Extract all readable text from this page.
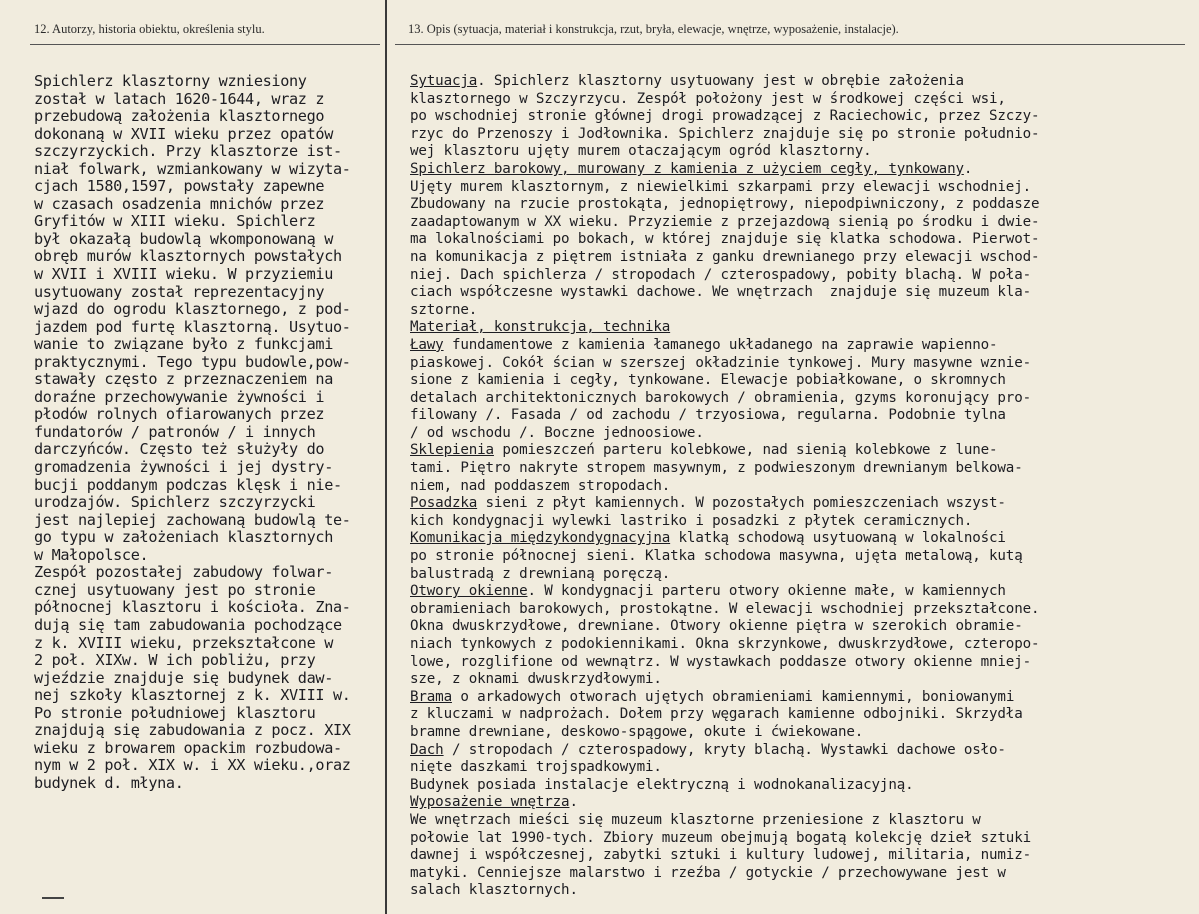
12. Autorzy, historia obiektu, określenia stylu.	13. Opis (sytuacja, materiał i konstrukcja, rzut, bryła, elewacje, wnętrze, wyposażenie, instalacje).
Spichlerz klasztorny wzniesiony
został w latach 1620-1644, wraz z
przebudową założenia klasztornego
dokonaną w XVII wieku przez opatów
szczyrzyckich. Przy klasztorze ist-
niał folwark, wzmiankowany w wizyta-
cjach 1580,1597, powstały zapewne
w czasach osadzenia mnichów przez
Gryfitów w XIII wieku. Spichlerz
był okazałą budowlą wkomponowaną w
obręb murów klasztornych powstałych
w XVII i XVIII wieku. W przyziemiu
usytuowany został reprezentacyjny
wjazd do ogrodu klasztornego, z pod-
jazdem pod furtę klasztorną. Usytuo-
wanie to związane było z funkcjami
praktycznymi. Tego typu budowle,pow-
stawały często z przeznaczeniem na
doraźne przechowywanie żywności i
płodów rolnych ofiarowanych przez
fundatorów / patronów / i innych
darczyńców. Często też służyły do
gromadzenia żywności i jej dystry-
bucji poddanym podczas klęsk i nie-
urodzajów. Spichlerz szczyrzycki
jest najlepiej zachowaną budowlą te-
go typu w założeniach klasztornych
w Małopolsce.
Zespół pozostałej zabudowy folwar-
cznej usytuowany jest po stronie
północnej klasztoru i kościoła. Zna-
dują się tam zabudowania pochodzące
z k. XVIII wieku, przekształcone w
2 poł. XIXw. W ich pobliżu, przy
wjeździe znajduje się budynek daw-
nej szkoły klasztornej z k. XVIII w.
Po stronie południowej klasztoru
znajdują się zabudowania z pocz. XIX
wieku z browarem opackim rozbudowa-
nym w 2 poł. XIX w. i XX wieku.,oraz
budynek d. młyna.
Sytuacja. Spichlerz klasztorny usytuowany jest w obrębie założenia
klasztornego w Szczyrzycu. Zespół położony jest w środkowej części wsi,
po wschodniej stronie głównej drogi prowadzącej z Raciechowic, przez Szczy-
rzyc do Przenoszy i Jodłownika. Spichlerz znajduje się po stronie południo-
wej klasztoru ujęty murem otaczającym ogród klasztorny.
Spichlerz barokowy, murowany z kamienia z użyciem cegły, tynkowany.
Ujęty murem klasztornym, z niewielkimi szkarpami przy elewacji wschodniej.
Zbudowany na rzucie prostokąta, jednopiętrowy, niepodpiwniczony, z poddasze
zaadaptowanym w XX wieku. Przyziemie z przejazdową sienią po środku i dwie-
ma lokalnościami po bokach, w której znajduje się klatka schodowa. Pierwot-
na komunikacja z piętrem istniała z ganku drewnianego przy elewacji wschod-
niej. Dach spichlerza / stropodach / czterospadowy, pobity blachą. W poła-
ciach współczesne wystawki dachowe. We wnętrzach  znajduje się muzeum kla-
sztorne.
Materiał, konstrukcja, technika
Ławy fundamentowe z kamienia łamanego układanego na zaprawie wapienno-
piaskowej. Cokół ścian w szerszej okładzinie tynkowej. Mury masywne wznie-
sione z kamienia i cegły, tynkowane. Elewacje pobiałkowane, o skromnych
detalach architektonicznych barokowych / obramienia, gzyms koronujący pro-
filowany /. Fasada / od zachodu / trzyosiowa, regularna. Podobnie tylna
/ od wschodu /. Boczne jednoosiowe.
Sklepienia pomieszczeń parteru kolebkowe, nad sienią kolebkowe z lune-
tami. Piętro nakryte stropem masywnym, z podwieszonym drewnianym belkowa-
niem, nad poddaszem stropodach.
Posadzka sieni z płyt kamiennych. W pozostałych pomieszczeniach wszyst-
kich kondygnacji wylewki lastriko i posadzki z płytek ceramicznych.
Komunikacja międzykondygnacyjna klatką schodową usytuowaną w lokalności
po stronie północnej sieni. Klatka schodowa masywna, ujęta metalową, kutą
balustradą z drewnianą poręczą.
Otwory okienne. W kondygnacji parteru otwory okienne małe, w kamiennych
obramieniach barokowych, prostokątne. W elewacji wschodniej przekształcone.
Okna dwuskrzydłowe, drewniane. Otwory okienne piętra w szerokich obramie-
niach tynkowych z podokiennikami. Okna skrzynkowe, dwuskrzydłowe, czteropo-
lowe, rozglifione od wewnątrz. W wystawkach poddasze otwory okienne mniej-
sze, z oknami dwuskrzydłowymi.
Brama o arkadowych otworach ujętych obramieniami kamiennymi, boniowanymi
z kluczami w nadprożach. Dołem przy węgarach kamienne odbojniki. Skrzydła
bramne drewniane, deskowo-spągowe, okute i ćwiekowane.
Dach / stropodach / czterospadowy, kryty blachą. Wystawki dachowe osło-
nięte daszkami trojspadkowymi.
Budynek posiada instalacje elektryczną i wodnokanalizacyjną.
Wyposażenie wnętrza.
We wnętrzach mieści się muzeum klasztorne przeniesione z klasztoru w
połowie lat 1990-tych. Zbiory muzeum obejmują bogatą kolekcję dzieł sztuki
dawnej i współczesnej, zabytki sztuki i kultury ludowej, militaria, numiz-
matyki. Cenniejsze malarstwo i rzeźba / gotyckie / przechowywane jest w
salach klasztornych.
